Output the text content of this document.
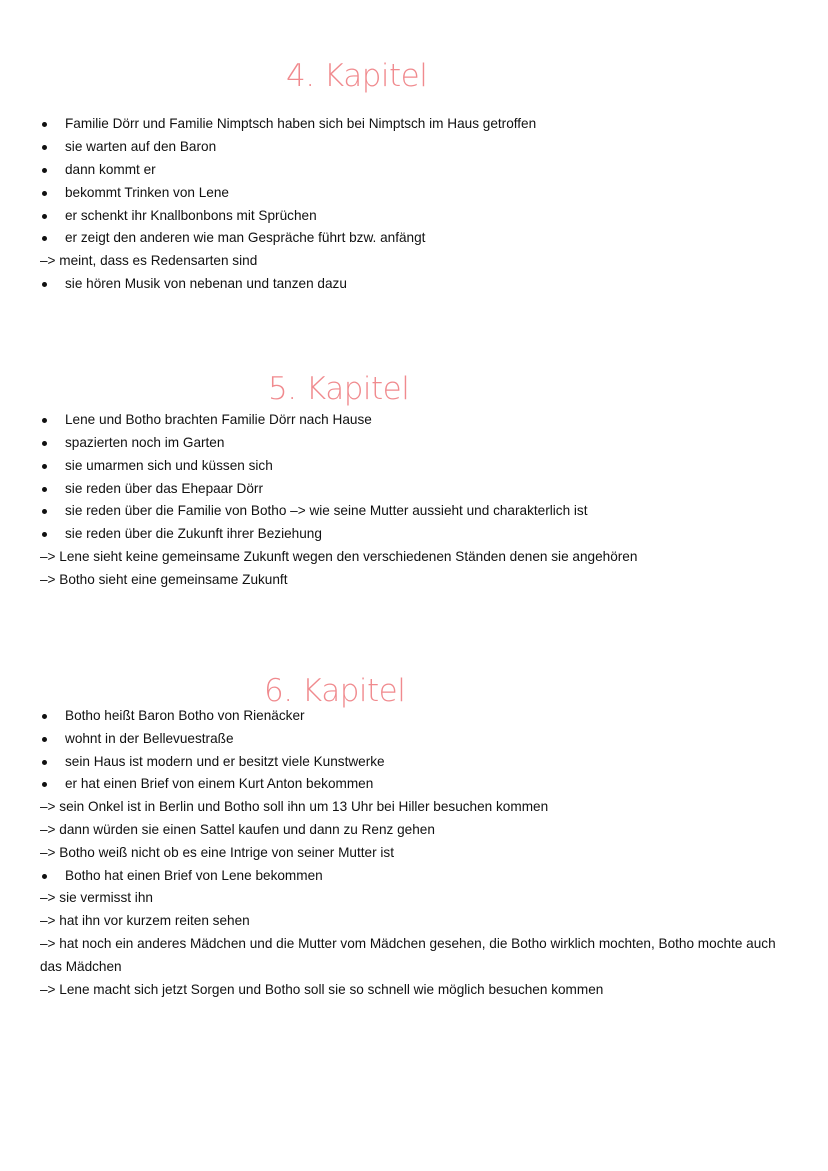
4. Kapitel

Familie Dörr und Familie Nimptsch haben sich bei Nimptsch im Haus getroffen

sie warten auf den Baron

dann kommt er

bekommt Trinken von Lene

er schenkt ihr Knallbonbons mit Sprüchen

er zeigt den anderen wie man Gespräche führt bzw. anfängt

–> meint, dass es Redensarten sind

sie hören Musik von nebenan und tanzen dazu

5. Kapitel

Lene und Botho brachten Familie Dörr nach Hause

spazierten noch im Garten

sie umarmen sich und küssen sich

sie reden über das Ehepaar Dörr

sie reden über die Familie von Botho –> wie seine Mutter aussieht und charakterlich ist

sie reden über die Zukunft ihrer Beziehung

–> Lene sieht keine gemeinsame Zukunft wegen den verschiedenen Ständen denen sie angehören

–> Botho sieht eine gemeinsame Zukunft

6. Kapitel

Botho heißt Baron Botho von Rienäcker

wohnt in der Bellevuestraße

sein Haus ist modern und er besitzt viele Kunstwerke

er hat einen Brief von einem Kurt Anton bekommen

–> sein Onkel ist in Berlin und Botho soll ihn um 13 Uhr bei Hiller besuchen kommen

–> dann würden sie einen Sattel kaufen und dann zu Renz gehen

–> Botho weiß nicht ob es eine Intrige von seiner Mutter ist

Botho hat einen Brief von Lene bekommen

–> sie vermisst ihn

–> hat ihn vor kurzem reiten sehen

–> hat noch ein anderes Mädchen und die Mutter vom Mädchen gesehen, die Botho wirklich mochten, Botho mochte auch das Mädchen

–> Lene macht sich jetzt Sorgen und Botho soll sie so schnell wie möglich besuchen kommen
